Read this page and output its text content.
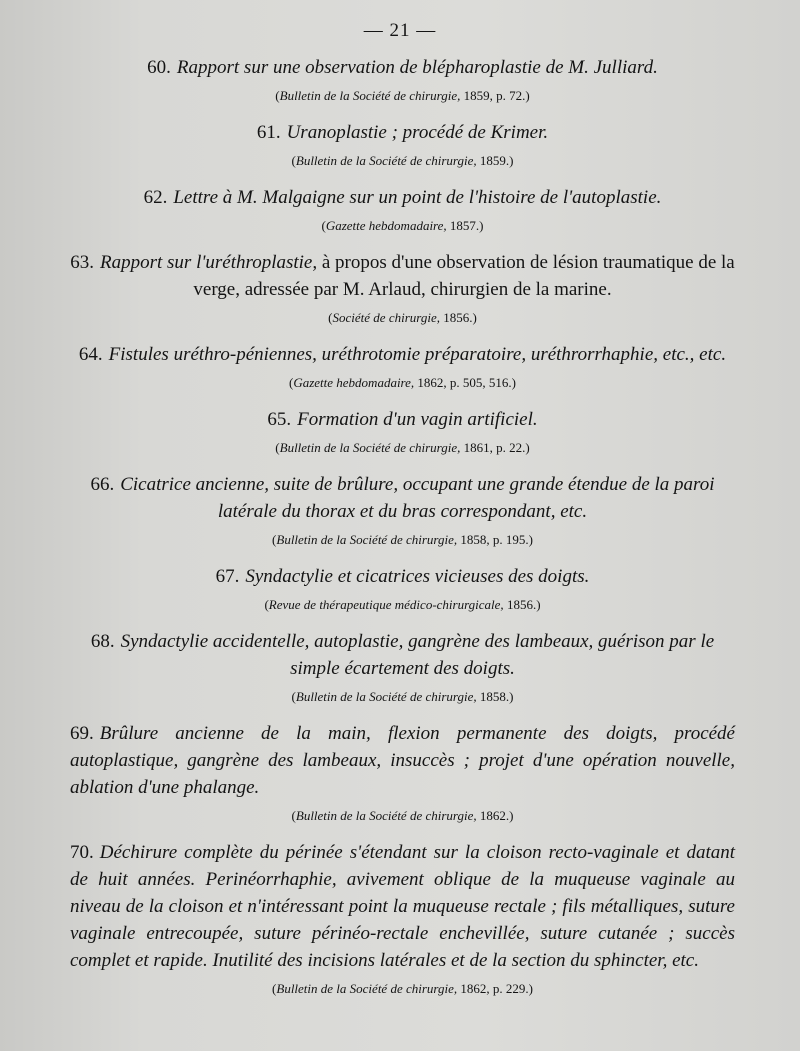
— 21 —
60. Rapport sur une observation de blépharoplastie de M. Julliard.
(Bulletin de la Société de chirurgie, 1859, p. 72.)
61. Uranoplastie ; procédé de Krimer.
(Bulletin de la Société de chirurgie, 1859.)
62. Lettre à M. Malgaigne sur un point de l'histoire de l'autoplastie.
(Gazette hebdomadaire, 1857.)
63. Rapport sur l'uréthroplastie, à propos d'une observation de lésion traumatique de la verge, adressée par M. Arlaud, chirurgien de la marine.
(Société de chirurgie, 1856.)
64. Fistules uréthro-péniennes, uréthrotomie préparatoire, uréthrorrhaphie, etc., etc.
(Gazette hebdomadaire, 1862, p. 505, 516.)
65. Formation d'un vagin artificiel.
(Bulletin de la Société de chirurgie, 1861, p. 22.)
66. Cicatrice ancienne, suite de brûlure, occupant une grande étendue de la paroi latérale du thorax et du bras correspondant, etc.
(Bulletin de la Société de chirurgie, 1858, p. 195.)
67. Syndactylie et cicatrices vicieuses des doigts.
(Revue de thérapeutique médico-chirurgicale, 1856.)
68. Syndactylie accidentelle, autoplastie, gangrène des lambeaux, guérison par le simple écartement des doigts.
(Bulletin de la Société de chirurgie, 1858.)
69. Brûlure ancienne de la main, flexion permanente des doigts, procédé autoplastique, gangrène des lambeaux, insuccès ; projet d'une opération nouvelle, ablation d'une phalange.
(Bulletin de la Société de chirurgie, 1862.)
70. Déchirure complète du périnée s'étendant sur la cloison recto-vaginale et datant de huit années. Perinéorrhaphie, avivement oblique de la muqueuse vaginale au niveau de la cloison et n'intéressant point la muqueuse rectale ; fils métalliques, suture vaginale entrecoupée, suture périnéo-rectale enchevillée, suture cutanée ; succès complet et rapide. Inutilité des incisions latérales et de la section du sphincter, etc.
(Bulletin de la Société de chirurgie, 1862, p. 229.)
